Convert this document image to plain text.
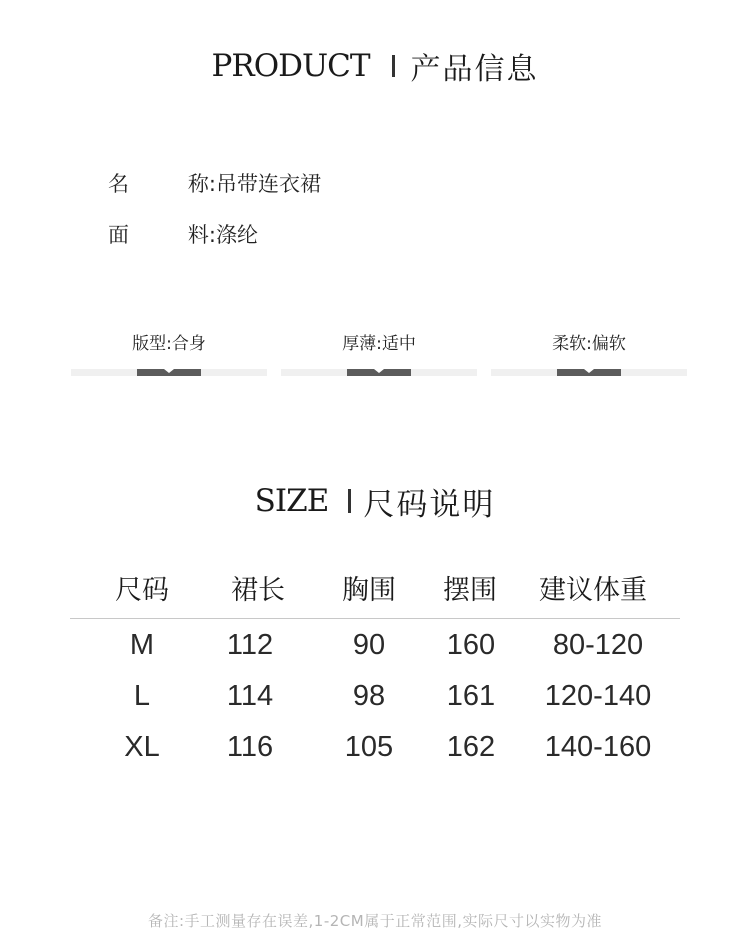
PRODUCT 产品信息
名	称: 吊带连衣裙
面	料: 涤纶
版型:合身	厚薄:适中	柔软:偏软
SIZE 尺码说明
尺码 裙长 胸围 摆围 建议体重
M	112	90 160 80-120
L	114	98 161 120-140
XL 116 105 162 140-160
备注:手工测量存在误差,1-2CM属于正常范围,实际尺寸以实物为准
